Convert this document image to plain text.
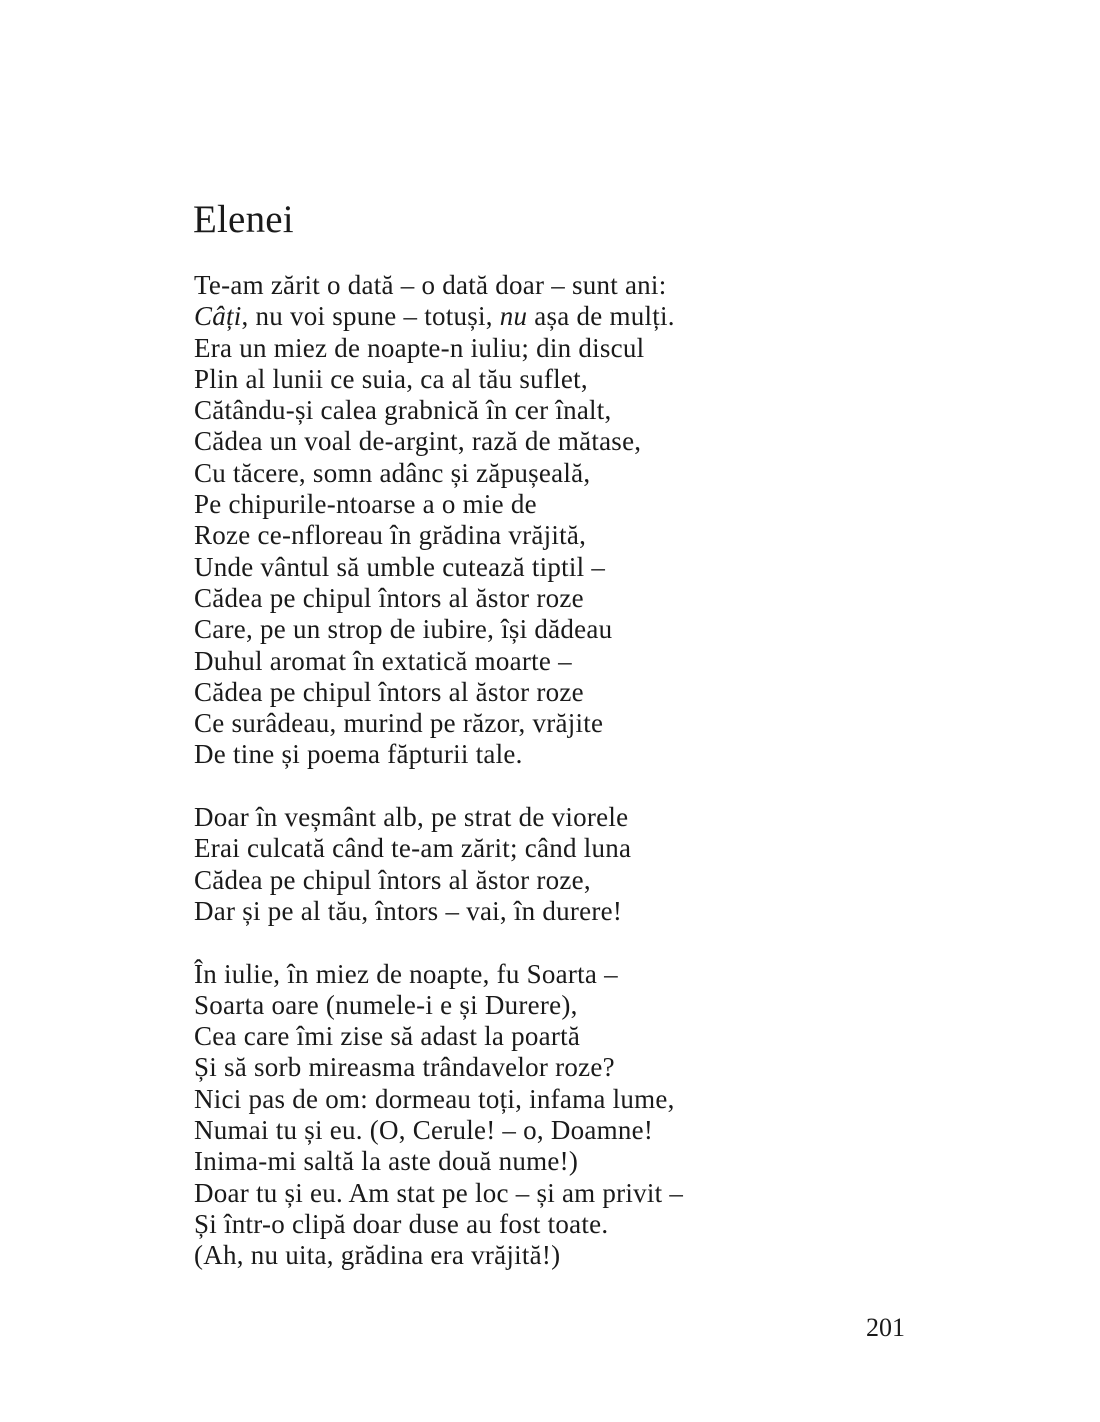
Elenei
Te-am zărit o dată – o dată doar – sunt ani:
Câți, nu voi spune – totuși, nu așa de mulți.
Era un miez de noapte-n iuliu; din discul
Plin al lunii ce suia, ca al tău suflet,
Cătându-și calea grabnică în cer înalt,
Cădea un voal de-argint, rază de mătase,
Cu tăcere, somn adânc și zăpușeală,
Pe chipurile-ntoarse a o mie de
Roze ce-nfloreau în grădina vrăjită,
Unde vântul să umble cutează tiptil –
Cădea pe chipul întors al ăstor roze
Care, pe un strop de iubire, își dădeau
Duhul aromat în extatică moarte –
Cădea pe chipul întors al ăstor roze
Ce surâdeau, murind pe răzor, vrăjite
De tine și poema făpturii tale.
Doar în veșmânt alb, pe strat de viorele
Erai culcată când te-am zărit; când luna
Cădea pe chipul întors al ăstor roze,
Dar și pe al tău, întors – vai, în durere!
În iulie, în miez de noapte, fu Soarta –
Soarta oare (numele-i e și Durere),
Cea care îmi zise să adast la poartă
Și să sorb mireasma trândavelor roze?
Nici pas de om: dormeau toți, infama lume,
Numai tu și eu. (O, Cerule! – o, Doamne!
Inima-mi saltă la aste două nume!)
Doar tu și eu. Am stat pe loc – și am privit –
Și într-o clipă doar duse au fost toate.
(Ah, nu uita, grădina era vrăjită!)

201
